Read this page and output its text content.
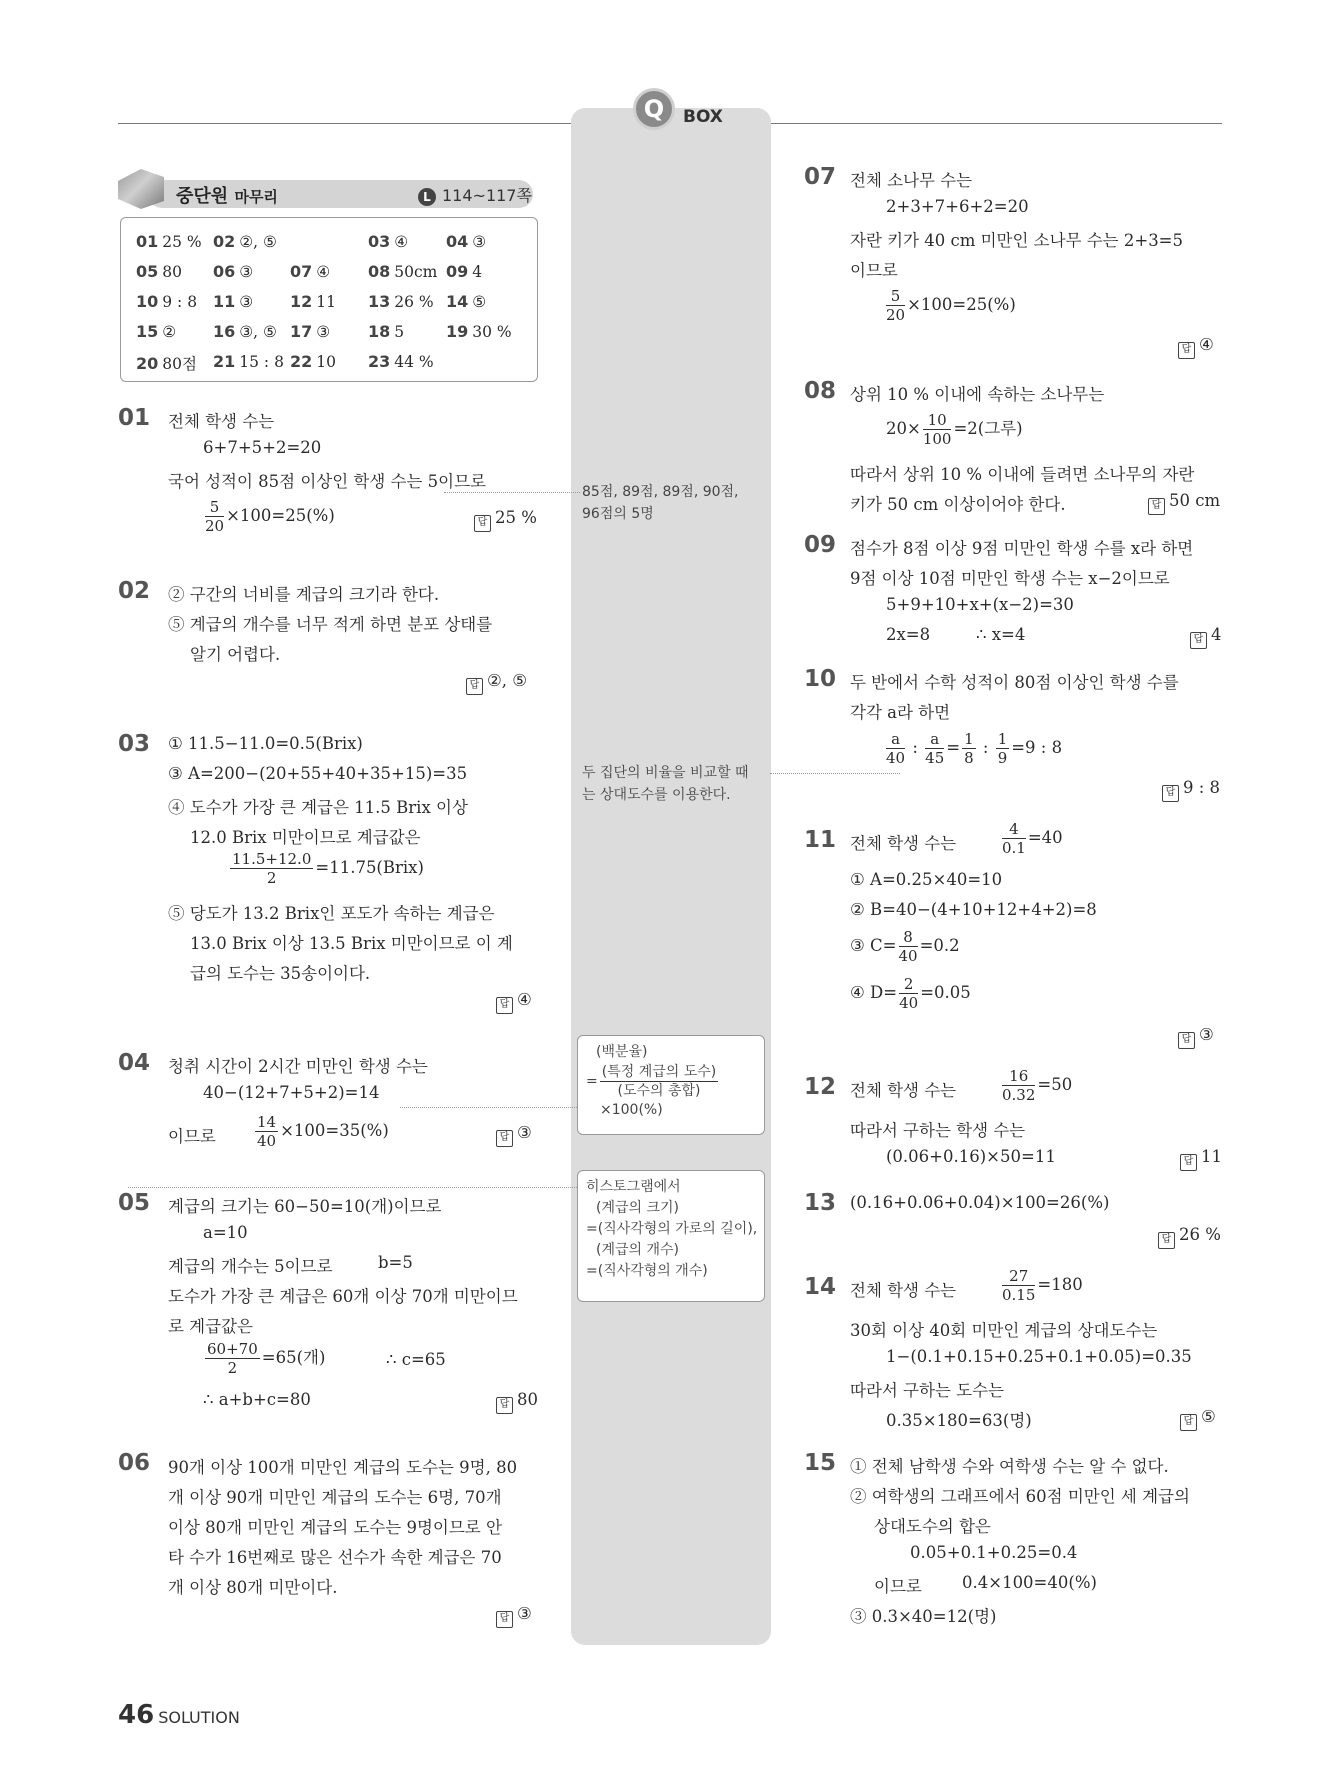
Q	BOX
중단원 마무리	L 114~117쪽
01 25 % 02 ②, ⑤	03 ④ 04 ③
05 80 06 ③ 07 ④ 08 50cm 09 4
10 9 : 8 11 ③ 12 11 13 26 % 14 ⑤
15 ② 16 ③, ⑤ 17 ③ 18 5	19 30 %
20 80점 21 15 : 8 22 10 23 44 %
01 전체 학생 수는
6+7+5+2=20
국어 성적이 85점 이상인 학생 수는 5이므로
$\frac{5}{20} \times 100=25(\%)$	답 25 %
02 ② 구간의 너비를 계급의 크기라 한다.
⑤ 계급의 개수를 너무 적게 하면 분포 상태를
알기 어렵다.
답 ②, ⑤
03 ① 11.5−11.0=0.5(Brix)
③ A=200−(20+55+40+35+15)=35
④ 도수가 가장 큰 계급은 11.5 Brix 이상
12.0 Brix 미만이므로 계급값은
$\frac{11.5+12.0}{2}$ =11.75(Brix)
⑤ 당도가 13.2 Brix인 포도가 속하는 계급은
13.0 Brix 이상 13.5 Brix 미만이므로 이 계
급의 도수는 35송이이다.
답 ④
04 청취 시간이 2시간 미만인 학생 수는
40−(12+7+5+2)=14
이므로	$\frac{14}{40} \times 100=35(\%)$	답 ③
05 계급의 크기는 60−50=10(개)이므로
a=10
계급의 개수는 5이므로	b=5
도수가 가장 큰 계급은 60개 이상 70개 미만이므
로 계급값은
$\frac{60+70}{2} =65$(개)	∴ c=65
∴ a+b+c=80	답 80
06 90개 이상 100개 미만인 계급의 도수는 9명, 80
개 이상 90개 미만인 계급의 도수는 6명, 70개
이상 80개 미만인 계급의 도수는 9명이므로 안
타 수가 16번째로 많은 선수가 속한 계급은 70
개 이상 80개 미만이다.
답 ③
85점, 89점, 89점, 90점,
96점의 5명
두 집단의 비율을 비교할 때
는 상대도수를 이용한다.
(백분율)
= $\frac{\text{(특정 계급의 도수)}}{\text{(도수의 총합)}}$
×100(%)
히스토그램에서
(계급의 크기)
=(직사각형의 가로의 길이),
(계급의 개수)
=(직사각형의 개수)
07 전체 소나무 수는
2+3+7+6+2=20
자란 키가 40 cm 미만인 소나무 수는 2+3=5
이므로
$\frac{5}{20} \times 100=25(\%)$
답 ④
08 상위 10 % 이내에 속하는 소나무는
$20\times \frac{10}{100} =2$(그루)
따라서 상위 10 % 이내에 들려면 소나무의 자란
키가 50 cm 이상이어야 한다.	답 50 cm
09 점수가 8점 이상 9점 미만인 학생 수를 x라 하면
9점 이상 10점 미만인 학생 수는 x−2이므로
5+9+10+x+(x−2)=30
2x=8	∴ x=4	답 4
10 두 반에서 수학 성적이 80점 이상인 학생 수를
각각 a라 하면
$\frac{a}{40}$ : $\frac{a}{45} = \frac{1}{8}$ : $\frac{1}{9} =9$ : 8
답 9 : 8
11 전체 학생 수는	$\frac{4}{0.1} =40$
① A=0.25×40=10
② B=40−(4+10+12+4+2)=8
③ $C= \frac{8}{40} =0.2$
④ $D= \frac{2}{40} =0.05$
답 ③
12 전체 학생 수는	$\frac{16}{0.32} =50$
따라서 구하는 학생 수는
(0.06+0.16)×50=11	답 11
13 (0.16+0.06+0.04)×100=26(%)
답 26 %
14 전체 학생 수는	$\frac{27}{0.15} =180$
30회 이상 40회 미만인 계급의 상대도수는
1−(0.1+0.15+0.25+0.1+0.05)=0.35
따라서 구하는 도수는
0.35×180=63(명)	답 ⑤
15 ① 전체 남학생 수와 여학생 수는 알 수 없다.
② 여학생의 그래프에서 60점 미만인 세 계급의
상대도수의 합은
0.05+0.1+0.25=0.4
이므로 0.4×100=40(%)
③ 0.3×40=12(명)
46 SOLUTION
